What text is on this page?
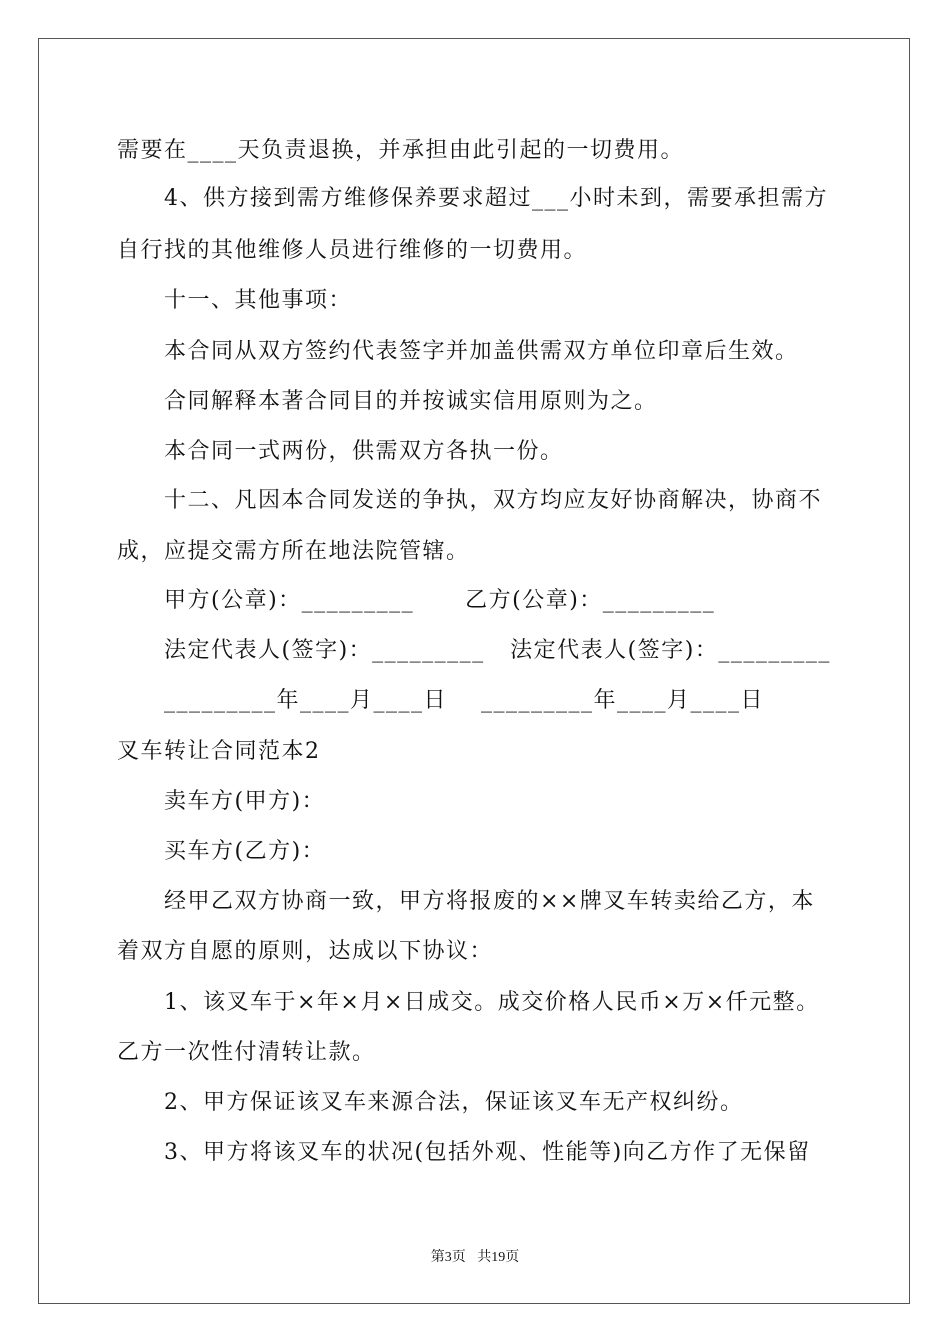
需要在____天负责退换，并承担由此引起的一切费用。
4、供方接到需方维修保养要求超过___小时未到，需要承担需方
自行找的其他维修人员进行维修的一切费用。
十一、其他事项：
本合同从双方签约代表签字并加盖供需双方单位印章后生效。
合同解释本著合同目的并按诚实信用原则为之。
本合同一式两份，供需双方各执一份。
十二、凡因本合同发送的争执，双方均应友好协商解决，协商不
成，应提交需方所在地法院管辖。
甲方(公章)：_________      乙方(公章)：_________
法定代表人(签字)：_________   法定代表人(签字)：_________
_________年____月____日    _________年____月____日
叉车转让合同范本2
卖车方(甲方)：
买车方(乙方)：
经甲乙双方协商一致，甲方将报废的××牌叉车转卖给乙方，本
着双方自愿的原则，达成以下协议：
1、该叉车于×年×月×日成交。成交价格人民币×万×仟元整。
乙方一次性付清转让款。
2、甲方保证该叉车来源合法，保证该叉车无产权纠纷。
3、甲方将该叉车的状况(包括外观、性能等)向乙方作了无保留
第3页 共19页
